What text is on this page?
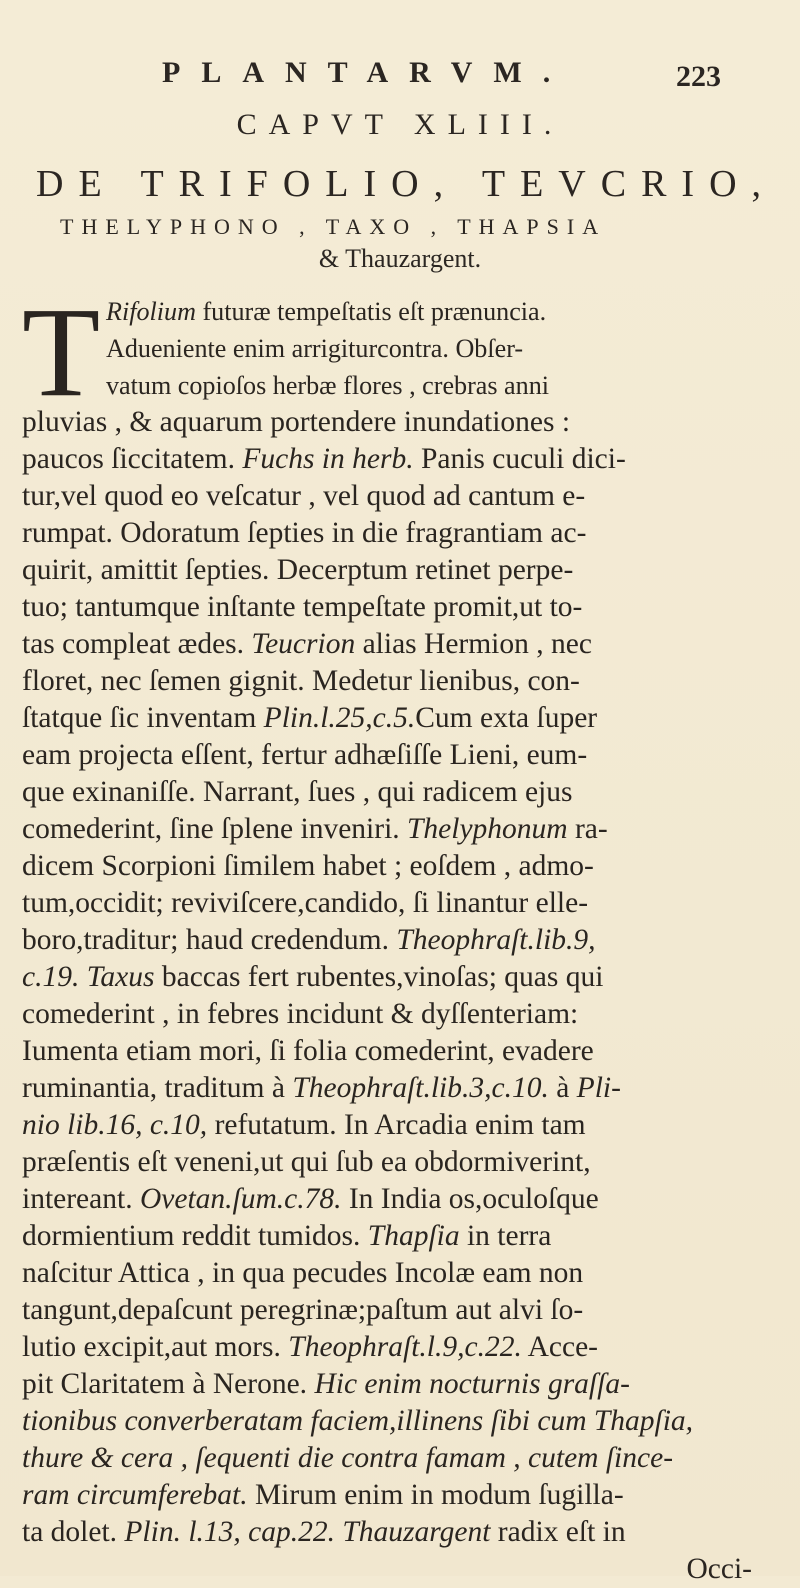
PLANTARVM.	223
CAPVT XLIII.
DE TRIFOLIO, TEVCRIO,
THELYPHONO , TAXO , THAPSIA
& Thauzargent.
T Rifolium futuræ tempeſtatis eſt prænuncia.
Adueniente enim arrigiturcontra. Obſer-
vatum copioſos herbæ flores , crebras anni
pluvias , & aquarum portendere inundationes :
paucos ſiccitatem. Fuchs in herb. Panis cuculi dici-
tur,vel quod eo veſcatur , vel quod ad cantum e-
rumpat. Odoratum ſepties in die fragrantiam ac-
quirit, amittit ſepties. Decerptum retinet perpe-
tuo; tantumque inſtante tempeſtate promit,ut to-
tas compleat ædes. Teucrion alias Hermion , nec
floret, nec ſemen gignit. Medetur lienibus, con-
ſtatque ſic inventam Plin.l.25,c.5.Cum exta ſuper
eam projecta eſſent, fertur adhæſiſſe Lieni, eum-
que exinaniſſe. Narrant, ſues , qui radicem ejus
comederint, ſine ſplene inveniri. Thelyphonum ra-
dicem Scorpioni ſimilem habet ; eoſdem , admo-
tum,occidit; reviviſcere,candido, ſi linantur elle-
boro,traditur; haud credendum. Theophraſt.lib.9,
c.19. Taxus baccas fert rubentes,vinoſas; quas qui
comederint , in febres incidunt & dyſſenteriam:
Iumenta etiam mori, ſi folia comederint, evadere
ruminantia, traditum à Theophraſt.lib.3,c.10. à Pli-
nio lib.16, c.10, refutatum. In Arcadia enim tam
præſentis eſt veneni,ut qui ſub ea obdormiverint,
intereant. Ovetan.ſum.c.78. In India os,oculoſque
dormientium reddit tumidos. Thapſia in terra
naſcitur Attica , in qua pecudes Incolæ eam non
tangunt,depaſcunt peregrinæ;paſtum aut alvi ſo-
lutio excipit,aut mors. Theophraſt.l.9,c.22. Acce-
pit Claritatem à Nerone. Hic enim nocturnis graſſa-
tionibus converberatam faciem,illinens ſibi cum Thapſia,
thure & cera , ſequenti die contra famam , cutem ſince-
ram circumferebat. Mirum enim in modum ſugilla-
ta dolet. Plin. l.13, cap.22. Thauzargent radix eſt in
Occi-
